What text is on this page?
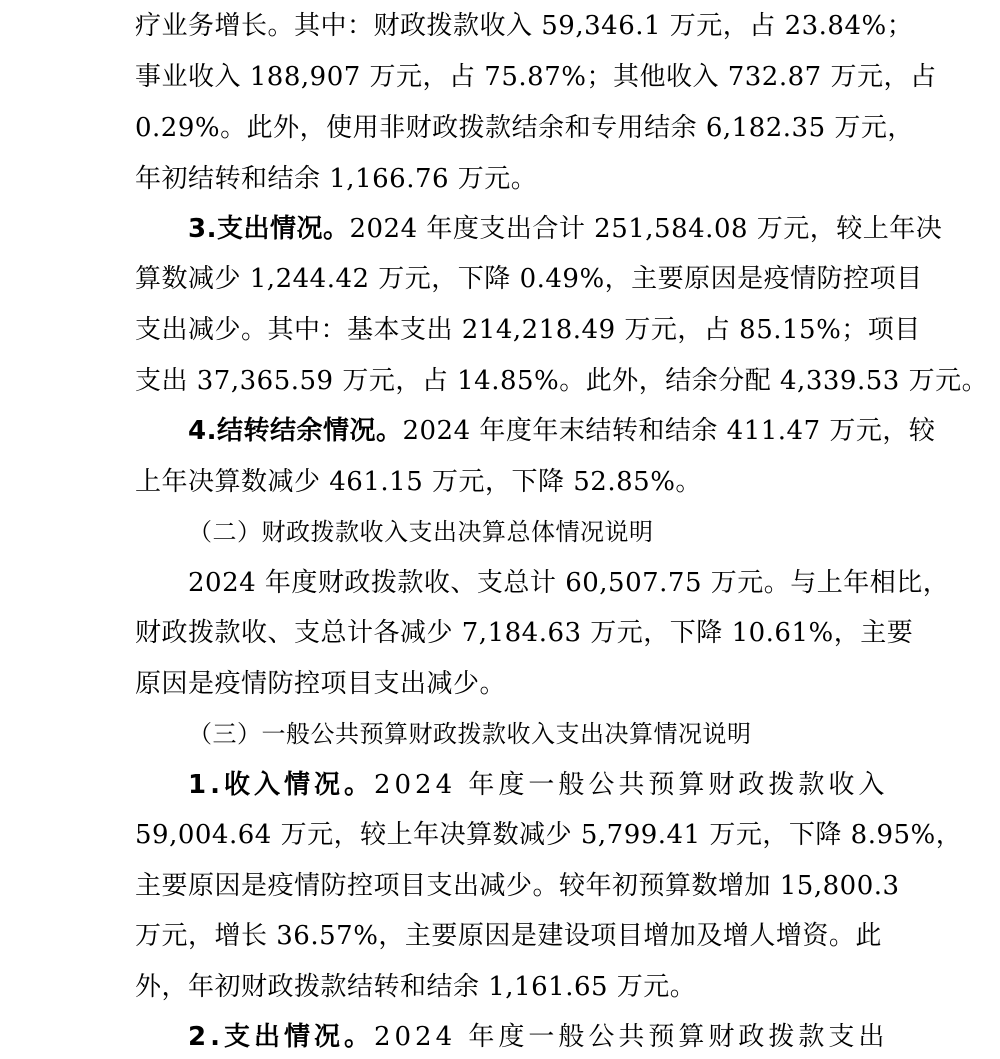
疗业务增长。其中：财政拨款收入 59,346.1 万元，占 23.84%；
事业收入 188,907 万元，占 75.87%；其他收入 732.87 万元，占
0.29%。此外，使用非财政拨款结余和专用结余 6,182.35 万元，
年初结转和结余 1,166.76 万元。
3.支出情况。2024 年度支出合计 251,584.08 万元，较上年决
算数减少 1,244.42 万元，下降 0.49%，主要原因是疫情防控项目
支出减少。其中：基本支出 214,218.49 万元，占 85.15%；项目
支出 37,365.59 万元，占 14.85%。此外，结余分配 4,339.53 万元。
4.结转结余情况。2024 年度年末结转和结余 411.47 万元，较
上年决算数减少 461.15 万元，下降 52.85%。
（二）财政拨款收入支出决算总体情况说明
2024 年度财政拨款收、支总计 60,507.75 万元。与上年相比，
财政拨款收、支总计各减少 7,184.63 万元，下降 10.61%，主要
原因是疫情防控项目支出减少。
（三）一般公共预算财政拨款收入支出决算情况说明
1.收入情况。2024 年度一般公共预算财政拨款收入
59,004.64 万元，较上年决算数减少 5,799.41 万元，下降 8.95%，
主要原因是疫情防控项目支出减少。较年初预算数增加 15,800.3
万元，增长 36.57%，主要原因是建设项目增加及增人增资。此
外，年初财政拨款结转和结余 1,161.65 万元。
2.支出情况。2024 年度一般公共预算财政拨款支出
